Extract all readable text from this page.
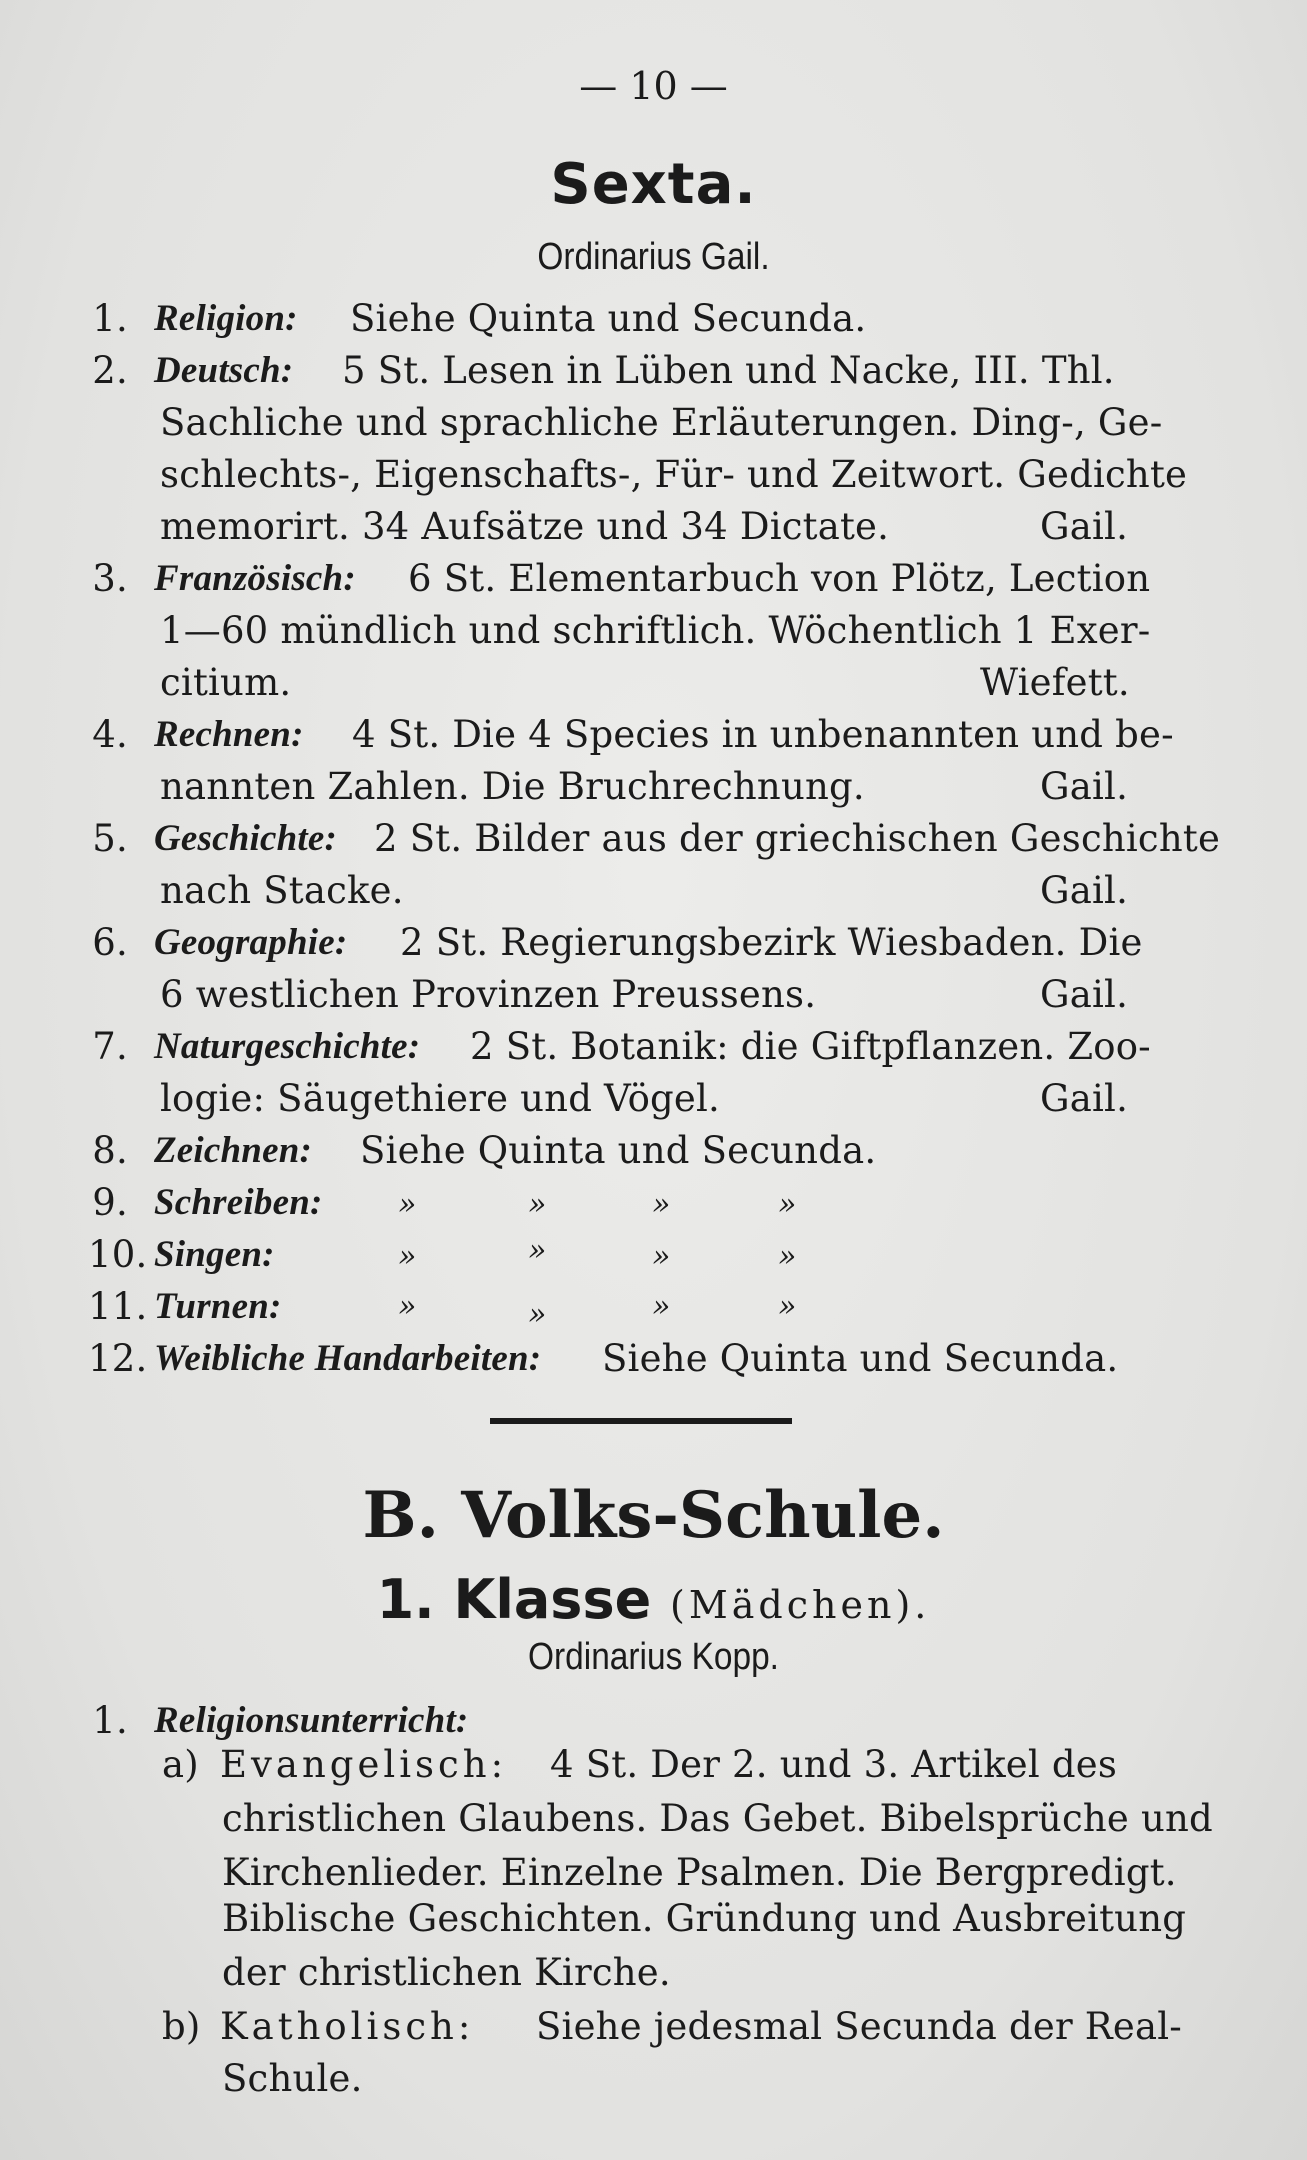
— 10 —
Sexta.
Ordinarius Gail.
1. Religion: Siehe Quinta und Secunda.
2. Deutsch: 5 St. Lesen in Lüben und Nacke, III. Thl.
Sachliche und sprachliche Erläuterungen. Ding-, Ge-
schlechts-, Eigenschafts-, Für- und Zeitwort. Gedichte
memorirt. 34 Aufsätze und 34 Dictate.	Gail.
3. Französisch: 6 St. Elementarbuch von Plötz, Lection
1—60 mündlich und schriftlich. Wöchentlich 1 Exer-
citium.	Wiefett.
4. Rechnen: 4 St. Die 4 Species in unbenannten und be-
nannten Zahlen. Die Bruchrechnung.	Gail.
5. Geschichte: 2 St. Bilder aus der griechischen Geschichte
nach Stacke.	Gail.
6. Geographie: 2 St. Regierungsbezirk Wiesbaden. Die
6 westlichen Provinzen Preussens.	Gail.
7. Naturgeschichte: 2 St. Botanik: die Giftpflanzen. Zoo-
logie: Säugethiere und Vögel.	Gail.
8. Zeichnen: Siehe Quinta und Secunda.
9. Schreiben:	»	»	»	»
10. Singen:	»	»	»	»
11. Turnen:	»	»	»	»
12. Weibliche Handarbeiten: Siehe Quinta und Secunda.
B. Volks-Schule.
1. Klasse (Mädchen).
Ordinarius Kopp.
1. Religionsunterricht:
a) Evangelisch: 4 St. Der 2. und 3. Artikel des
christlichen Glaubens. Das Gebet. Bibelsprüche und
Kirchenlieder. Einzelne Psalmen. Die Bergpredigt.
Biblische Geschichten. Gründung und Ausbreitung
der christlichen Kirche.
b) Katholisch: Siehe jedesmal Secunda der Real-
Schule.
